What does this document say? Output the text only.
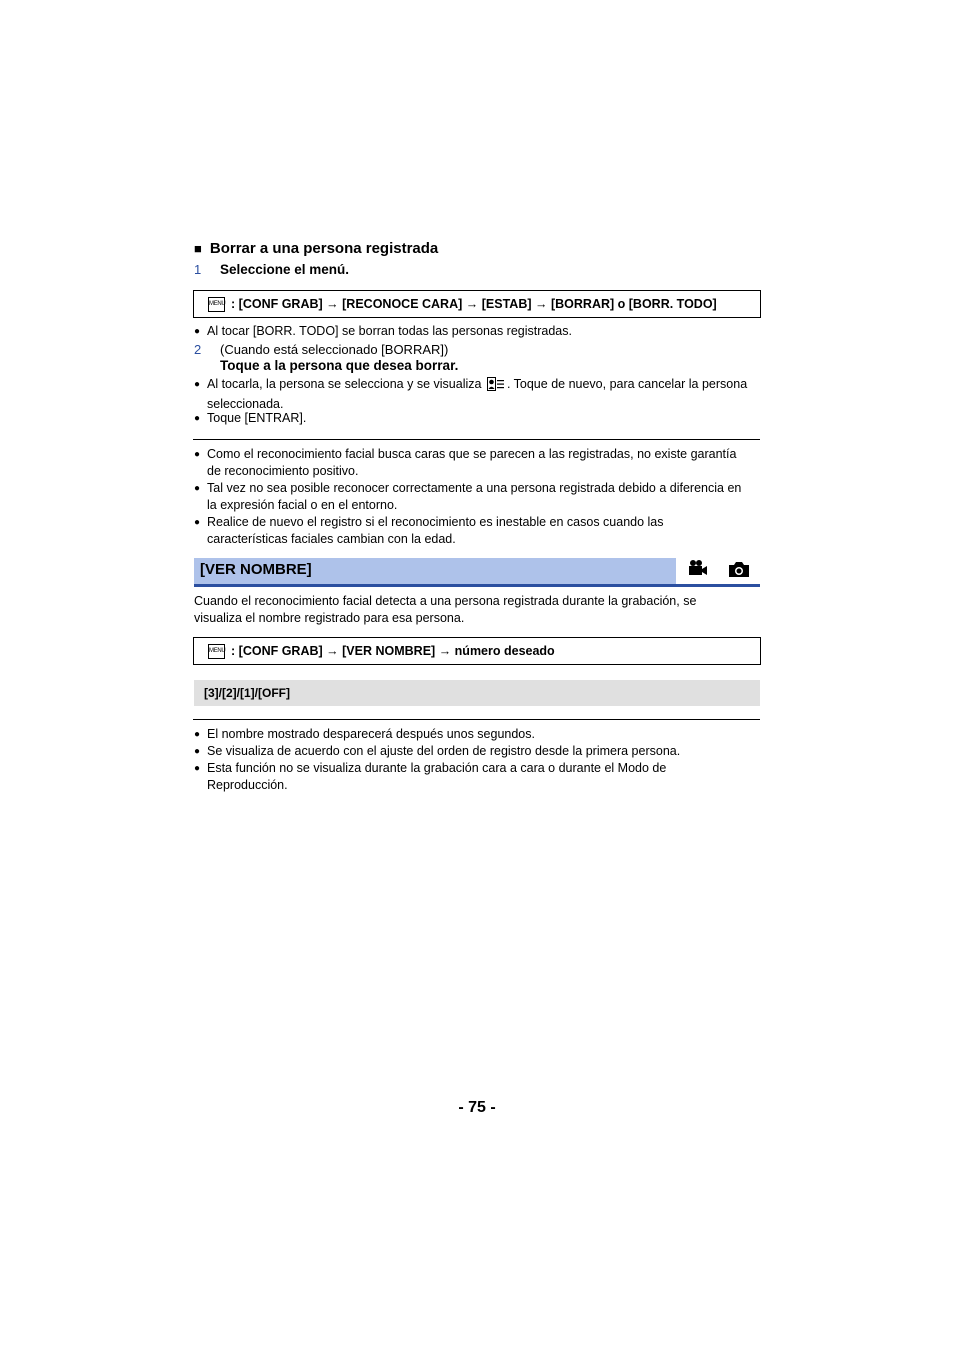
■ Borrar a una persona registrada
1	Seleccione el menú.
MENU :
[CONF GRAB]
→
[RECONOCE CARA]
→
[ESTAB]
→
[BORRAR] o [BORR. TODO]
● Al tocar [BORR. TODO] se borran todas las personas registradas.
2	(Cuando está seleccionado [BORRAR])
Toque a la persona que desea borrar.
● Al tocarla, la persona se selecciona y se visualiza . Toque de nuevo, para cancelar la persona
seleccionada.
● Toque [ENTRAR].
● Como el reconocimiento facial busca caras que se parecen a las registradas, no existe garantía
de reconocimiento positivo.
● Tal vez no sea posible reconocer correctamente a una persona registrada debido a diferencia en
la expresión facial o en el entorno.
● Realice de nuevo el registro si el reconocimiento es inestable en casos cuando las
características faciales cambian con la edad.
[VER NOMBRE]
Cuando el reconocimiento facial detecta a una persona registrada durante la grabación, se
visualiza el nombre registrado para esa persona.
MENU :
[CONF GRAB]
→
[VER NOMBRE]
→
número deseado
[3]/[2]/[1]/[OFF]
● El nombre mostrado desparecerá después unos segundos.
● Se visualiza de acuerdo con el ajuste del orden de registro desde la primera persona.
● Esta función no se visualiza durante la grabación cara a cara o durante el Modo de
Reproducción.
- 75 -
